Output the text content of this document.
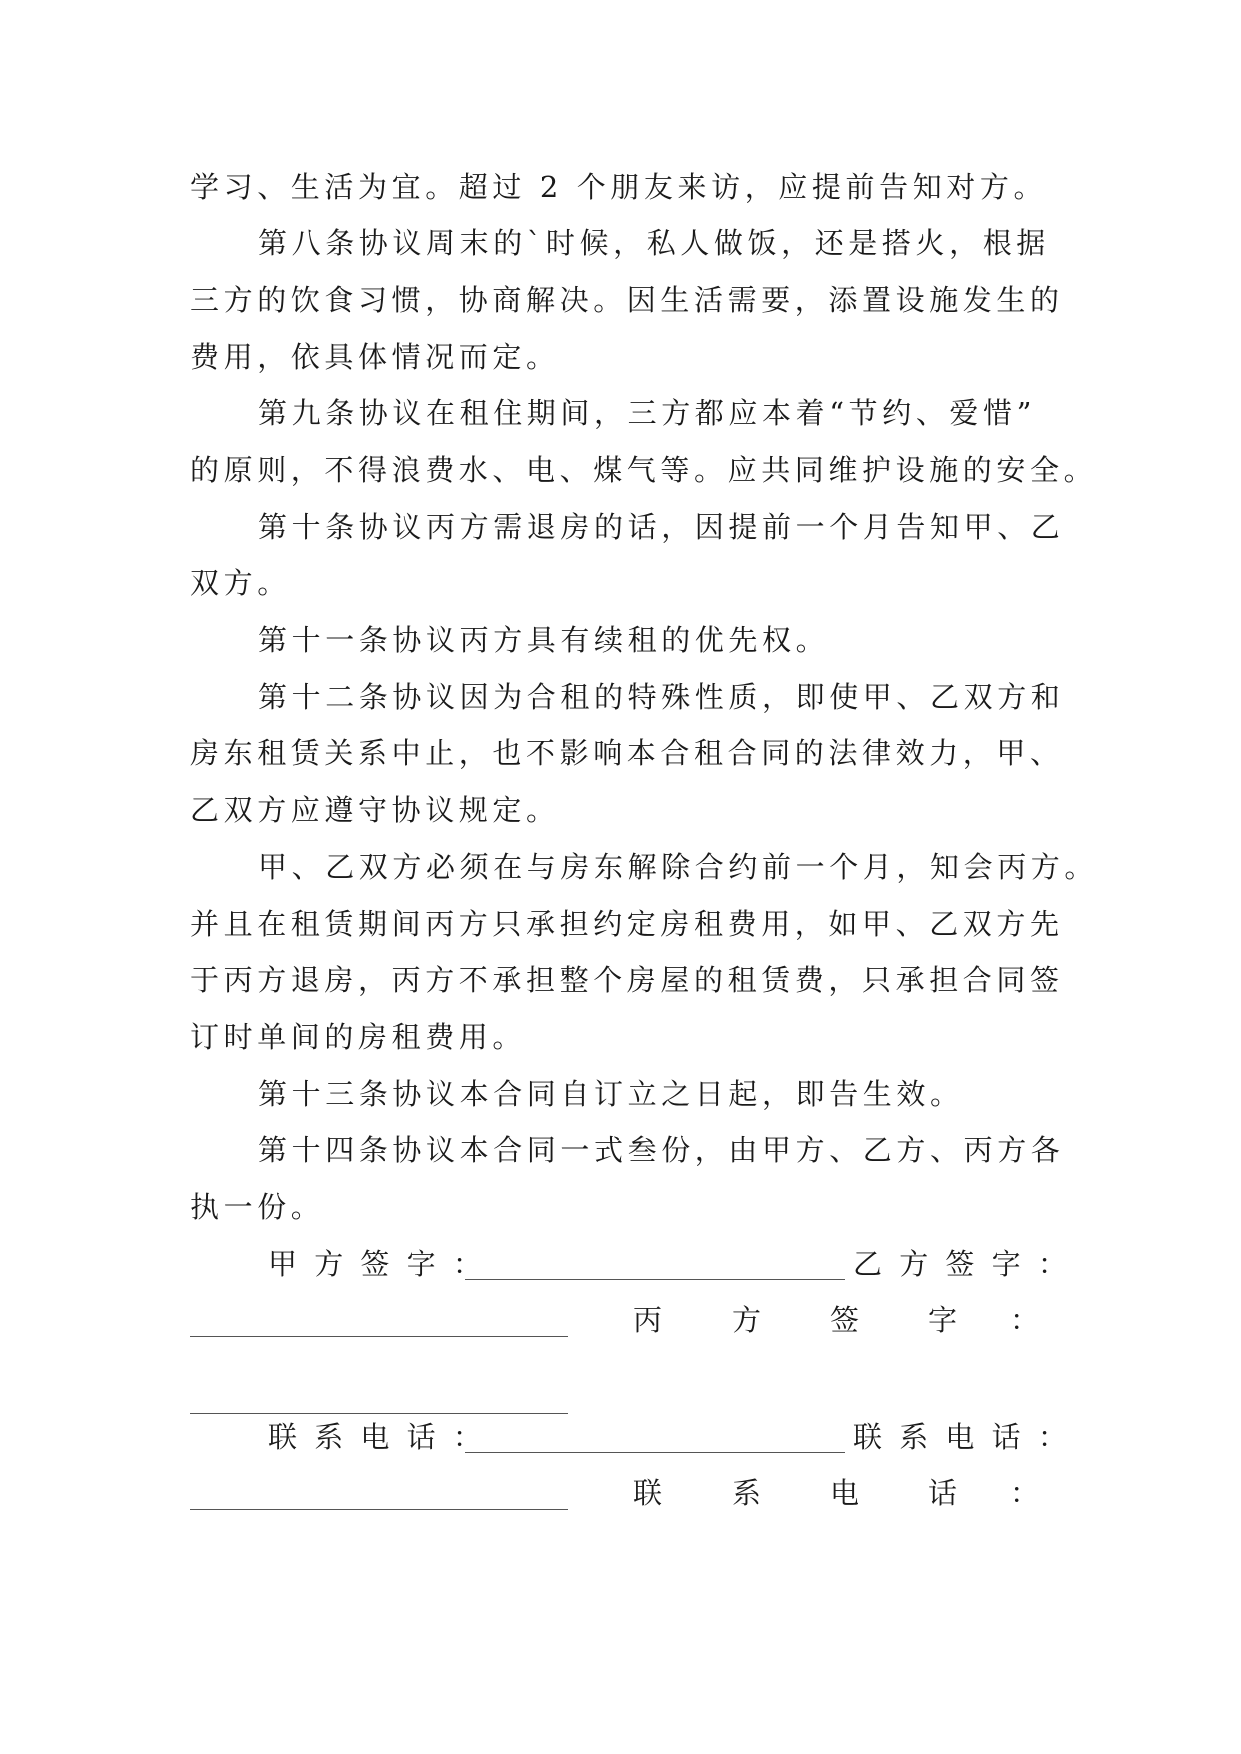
学习、生活为宜。超过 2 个朋友来访，应提前告知对方。
第八条协议周末的`时候，私人做饭，还是搭火，根据
三方的饮食习惯，协商解决。因生活需要，添置设施发生的
费用，依具体情况而定。
第九条协议在租住期间，三方都应本着“节约、爱惜”
的原则，不得浪费水、电、煤气等。应共同维护设施的安全。
第十条协议丙方需退房的话，因提前一个月告知甲、乙
双方。
第十一条协议丙方具有续租的优先权。
第十二条协议因为合租的特殊性质，即使甲、乙双方和
房东租赁关系中止，也不影响本合租合同的法律效力，甲、
乙双方应遵守协议规定。
甲、乙双方必须在与房东解除合约前一个月，知会丙方。
并且在租赁期间丙方只承担约定房租费用，如甲、乙双方先
于丙方退房，丙方不承担整个房屋的租赁费，只承担合同签
订时单间的房租费用。
第十三条协议本合同自订立之日起，即告生效。
第十四条协议本合同一式叁份，由甲方、乙方、丙方各
执一份。
甲 方 签 字 ：	乙 方 签 字 ：
丙 方 签 字 ：
联 系 电 话 ：	联 系 电 话 ：
联 系 电 话 ：
